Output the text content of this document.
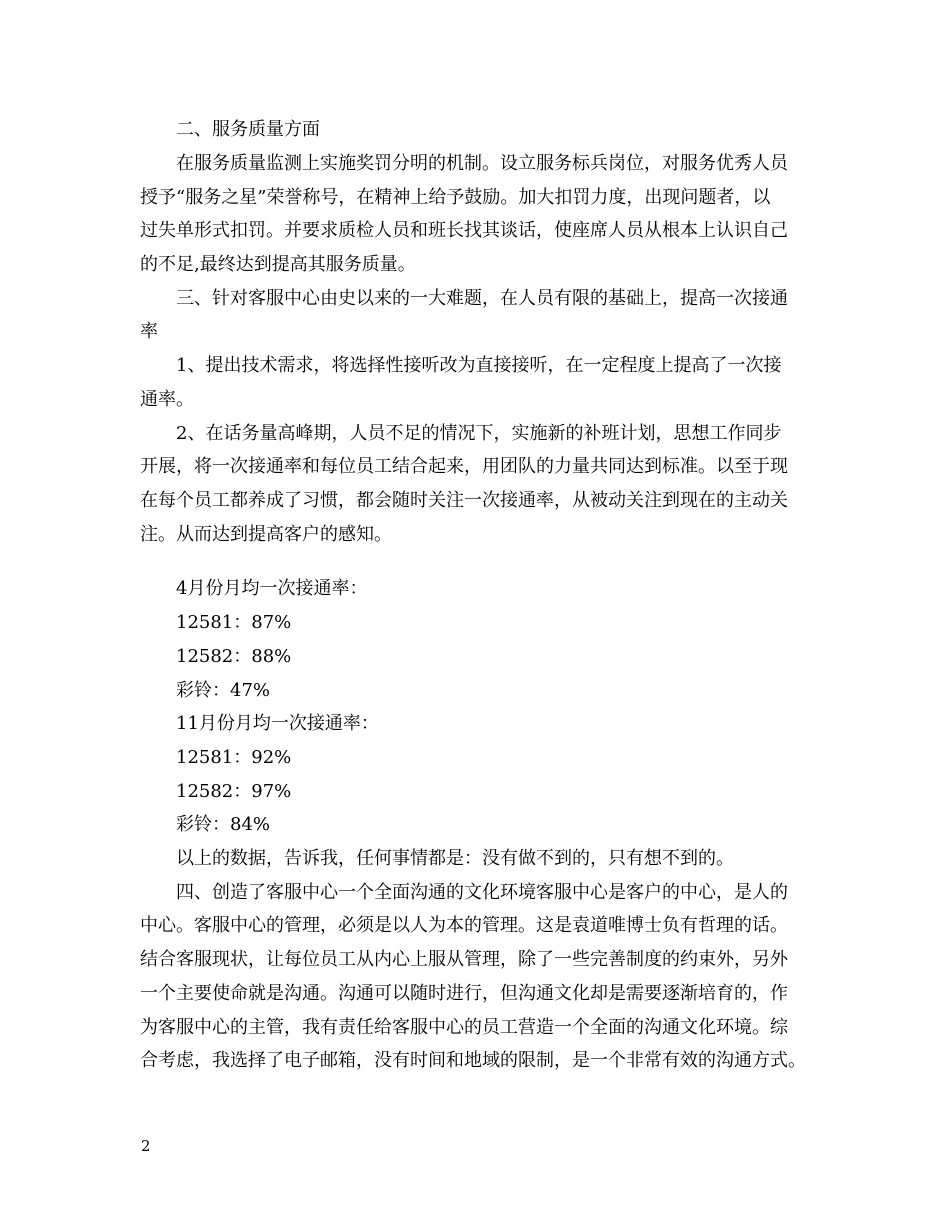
二、服务质量方面
在服务质量监测上实施奖罚分明的机制。设立服务标兵岗位，对服务优秀人员
授予“服务之星”荣誉称号，在精神上给予鼓励。加大扣罚力度，出现问题者，以
过失单形式扣罚。并要求质检人员和班长找其谈话，使座席人员从根本上认识自己
的不足,最终达到提高其服务质量。
三、针对客服中心由史以来的一大难题，在人员有限的基础上，提高一次接通
率
1、提出技术需求，将选择性接听改为直接接听，在一定程度上提高了一次接
通率。
2、在话务量高峰期，人员不足的情况下，实施新的补班计划，思想工作同步
开展，将一次接通率和每位员工结合起来，用团队的力量共同达到标准。以至于现
在每个员工都养成了习惯，都会随时关注一次接通率，从被动关注到现在的主动关
注。从而达到提高客户的感知。
4月份月均一次接通率：
12581：87%
12582：88%
彩铃：47%
11月份月均一次接通率：
12581：92%
12582：97%
彩铃：84%
以上的数据，告诉我，任何事情都是：没有做不到的，只有想不到的。
四、创造了客服中心一个全面沟通的文化环境客服中心是客户的中心，是人的
中心。客服中心的管理，必须是以人为本的管理。这是袁道唯博士负有哲理的话。
结合客服现状，让每位员工从内心上服从管理，除了一些完善制度的约束外，另外
一个主要使命就是沟通。沟通可以随时进行，但沟通文化却是需要逐渐培育的，作
为客服中心的主管，我有责任给客服中心的员工营造一个全面的沟通文化环境。综
合考虑，我选择了电子邮箱，没有时间和地域的限制，是一个非常有效的沟通方式。
2
